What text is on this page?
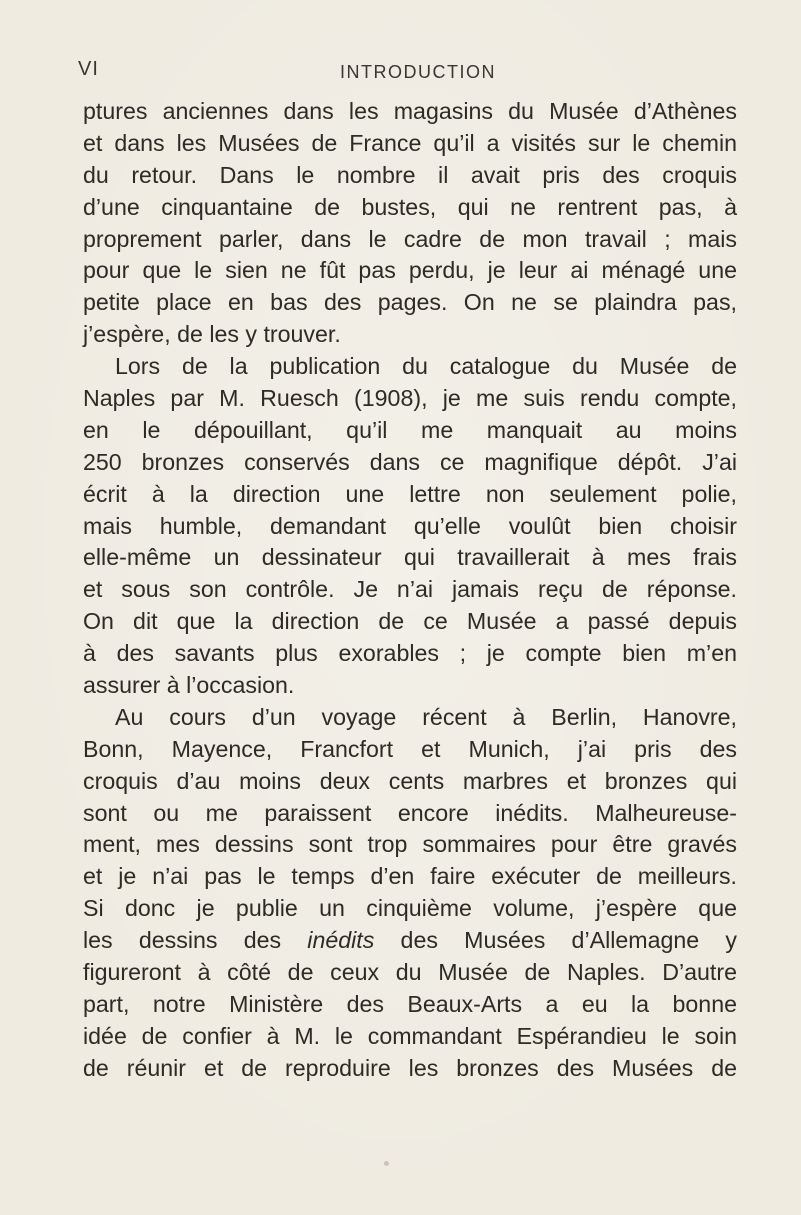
VI	INTRODUCTION
ptures anciennes dans les magasins du Musée d’Athènes
et dans les Musées de France qu’il a visités sur le chemin
du retour. Dans le nombre il avait pris des croquis
d’une cinquantaine de bustes, qui ne rentrent pas, à
proprement parler, dans le cadre de mon travail ; mais
pour que le sien ne fût pas perdu, je leur ai ménagé une
petite place en bas des pages. On ne se plaindra pas,
j’espère, de les y trouver.
Lors de la publication du catalogue du Musée de
Naples par M. Ruesch (1908), je me suis rendu compte,
en le dépouillant, qu’il me manquait au moins
250 bronzes conservés dans ce magnifique dépôt. J’ai
écrit à la direction une lettre non seulement polie,
mais humble, demandant qu’elle voulût bien choisir
elle-même un dessinateur qui travaillerait à mes frais
et sous son contrôle. Je n’ai jamais reçu de réponse.
On dit que la direction de ce Musée a passé depuis
à des savants plus exorables ; je compte bien m’en
assurer à l’occasion.
Au cours d’un voyage récent à Berlin, Hanovre,
Bonn, Mayence, Francfort et Munich, j’ai pris des
croquis d’au moins deux cents marbres et bronzes qui
sont ou me paraissent encore inédits. Malheureuse-
ment, mes dessins sont trop sommaires pour être gravés
et je n’ai pas le temps d’en faire exécuter de meilleurs.
Si donc je publie un cinquième volume, j’espère que
les dessins des inédits des Musées d’Allemagne y
figureront à côté de ceux du Musée de Naples. D’autre
part, notre Ministère des Beaux-Arts a eu la bonne
idée de confier à M. le commandant Espérandieu le soin
de réunir et de reproduire les bronzes des Musées de
